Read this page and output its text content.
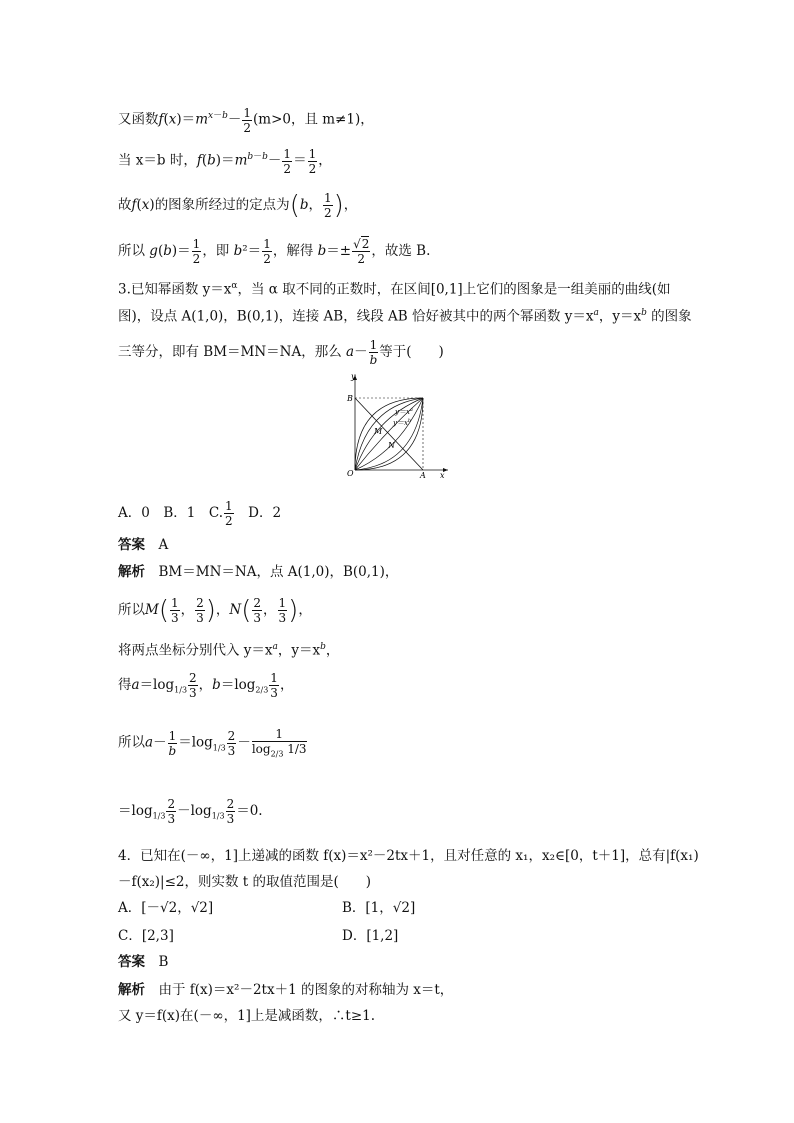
又函数$f(x)=m^{x-b}- \frac{1}{2} (m>0$，且 m≠1)，
当 x＝b 时，$f(b)=m^{b-b}- \frac{1}{2} = \frac{1}{2}$ ，
故f(x)的图象所经过的定点为(b， $\frac{1}{2}$ )，
所以 $g(b)= \frac{1}{2}$ ，即 $b^2= \frac{1}{2}$ ，解得 $b=\pm \frac{√2}{2}$ ，故选 B.
3.已知幂函数 $y=x^\alpha$，当 α 取不同的正数时，在区间[0,1]上它们的图象是一组美丽的曲线(如
图)，设点 A(1,0)，B(0,1)，连接 AB，线段 AB 恰好被其中的两个幂函数 $y=x^a$，$y=x^b$ 的图象
三等分，即有 BM＝MN＝NA，那么 $a- \frac{1}{b}$ 等于(　　)
y
B
O	A x
M
N
$y=x^a$
$y=x^b$
A．0　 B．1　 C. $\frac{1}{2}$
　 D．2
答案　 A
解析　 BM＝MN＝NA，点 A(1,0)，B(0,1)，
所以$M( \frac{1}{3}$ ， $\frac{2}{3}$ )，$N( \frac{2}{3}$ ， $\frac{1}{3}$ )，
将两点坐标分别代入 $y=x^a$，$y=x^b$，
得$a=\log_{1/3} \frac{2}{3}$ ，$b=\log_{2/3} \frac{1}{3}$ ，
所以$a- \frac{1}{b} =\log_{1/3} \frac{2}{3} - \frac{1}{\log_{2/3} 1/3}$
$=\log_{1/3} \frac{2}{3} -\log_{1/3} \frac{2}{3} =0$.
4．已知在(－∞，1]上递减的函数 f(x)＝x²－2tx＋1，且对任意的 x₁，x₂∈[0，t＋1]，总有|f(x₁)
－f(x₂)|≤2，则实数 t 的取值范围是(　　)
A．[－√2，√2]	B．[1，√2]
C．[2,3]	D．[1,2]
答案　 B
解析　 由于 f(x)＝x²－2tx＋1 的图象的对称轴为 x＝t，
又 y＝f(x)在(－∞，1]上是减函数，∴t≥1.
